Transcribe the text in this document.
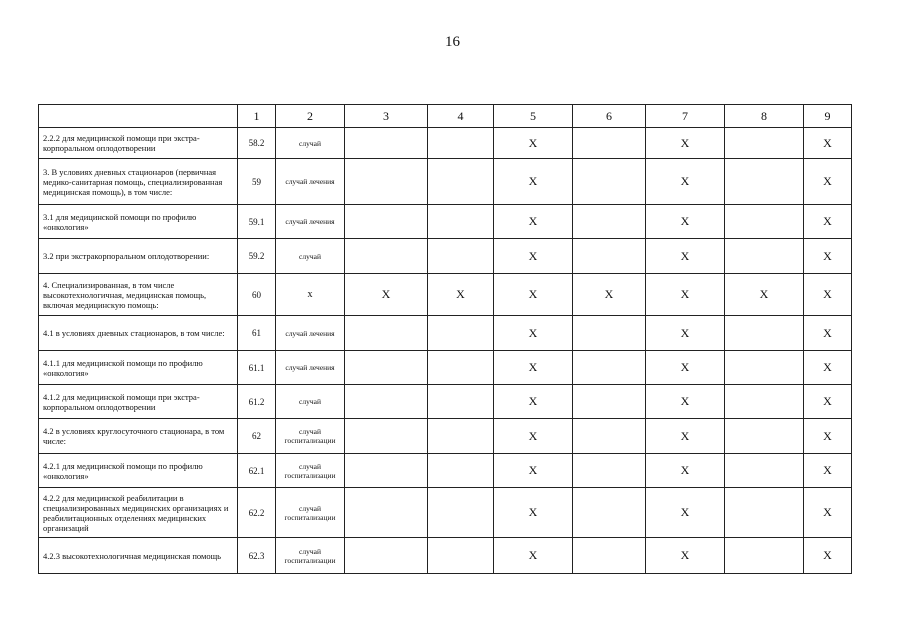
16
	1	2	3	4	5	6	7	8	9
2.2.2 для медицинской помощи при экстра-корпоральном оплодотворении	58.2	случай			X		X		X
3. В условиях дневных стационаров (первичная медико-санитарная помощь, специализированная медицинская помощь), в том числе:	59	случай лечения			X		X		X
3.1 для медицинской помощи по профилю «онкология»	59.1	случай лечения			X		X		X
3.2 при экстракорпоральном оплодотворении:	59.2	случай			X		X		X
4. Специализированная, в том числе высокотехнологичная, медицинская помощь, включая медицинскую помощь:	60	х	X	X	X	X	X	X	X
4.1 в условиях дневных стационаров, в том числе:	61	случай лечения			X		X		X
4.1.1 для медицинской помощи по профилю «онкология»	61.1	случай лечения			X		X		X
4.1.2 для медицинской помощи при экстра-корпоральном оплодотворении	61.2	случай			X		X		X
4.2 в условиях круглосуточного стационара, в том числе:	62	случай госпитализации			X		X		X
4.2.1 для медицинской помощи по профилю «онкология»	62.1	случай госпитализации			X		X		X
4.2.2 для медицинской реабилитации в специализированных медицинских организациях и реабилитационных отделениях медицинских организаций	62.2	случай госпитализации			X		X		X
4.2.3 высокотехнологичная медицинская помощь	62.3	случай госпитализации			X		X		X
